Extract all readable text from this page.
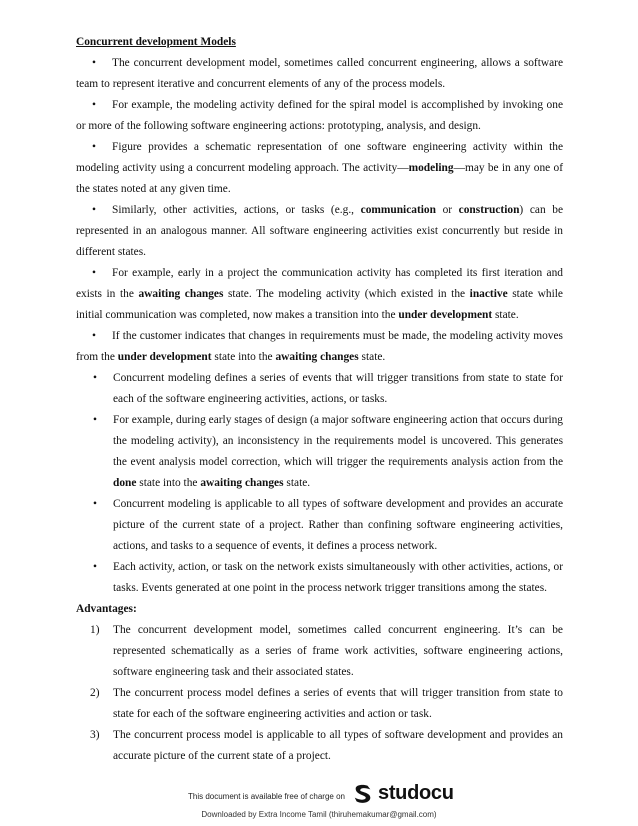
Concurrent development Models

• The concurrent development model, sometimes called concurrent engineering, allows a software team to represent iterative and concurrent elements of any of the process models.

• For example, the modeling activity defined for the spiral model is accomplished by invoking one or more of the following software engineering actions: prototyping, analysis, and design.

• Figure provides a schematic representation of one software engineering activity within the modeling activity using a concurrent modeling approach. The activity—modeling—may be in any one of the states noted at any given time.

• Similarly, other activities, actions, or tasks (e.g., communication or construction) can be represented in an analogous manner. All software engineering activities exist concurrently but reside in different states.

• For example, early in a project the communication activity has completed its first iteration and exists in the awaiting changes state. The modeling activity (which existed in the inactive state while initial communication was completed, now makes a transition into the under development state.

• If the customer indicates that changes in requirements must be made, the modeling activity moves from the under development state into the awaiting changes state.

• Concurrent modeling defines a series of events that will trigger transitions from state to state for each of the software engineering activities, actions, or tasks.
• For example, during early stages of design (a major software engineering action that occurs during the modeling activity), an inconsistency in the requirements model is uncovered. This generates the event analysis model correction, which will trigger the requirements analysis action from the done state into the awaiting changes state.
• Concurrent modeling is applicable to all types of software development and provides an accurate picture of the current state of a project. Rather than confining software engineering activities, actions, and tasks to a sequence of events, it defines a process network.
• Each activity, action, or task on the network exists simultaneously with other activities, actions, or tasks. Events generated at one point in the process network trigger transitions among the states.

Advantages:

1) The concurrent development model, sometimes called concurrent engineering. It’s can be represented schematically as a series of frame work activities, software engineering actions, software engineering task and their associated states.
2) The concurrent process model defines a series of events that will trigger transition from state to state for each of the software engineering activities and action or task.
3) The concurrent process model is applicable to all types of software development and provides an accurate picture of the current state of a project.
This document is available free of charge on studocu
Downloaded by Extra Income Tamil (thiruhemakumar@gmail.com)
